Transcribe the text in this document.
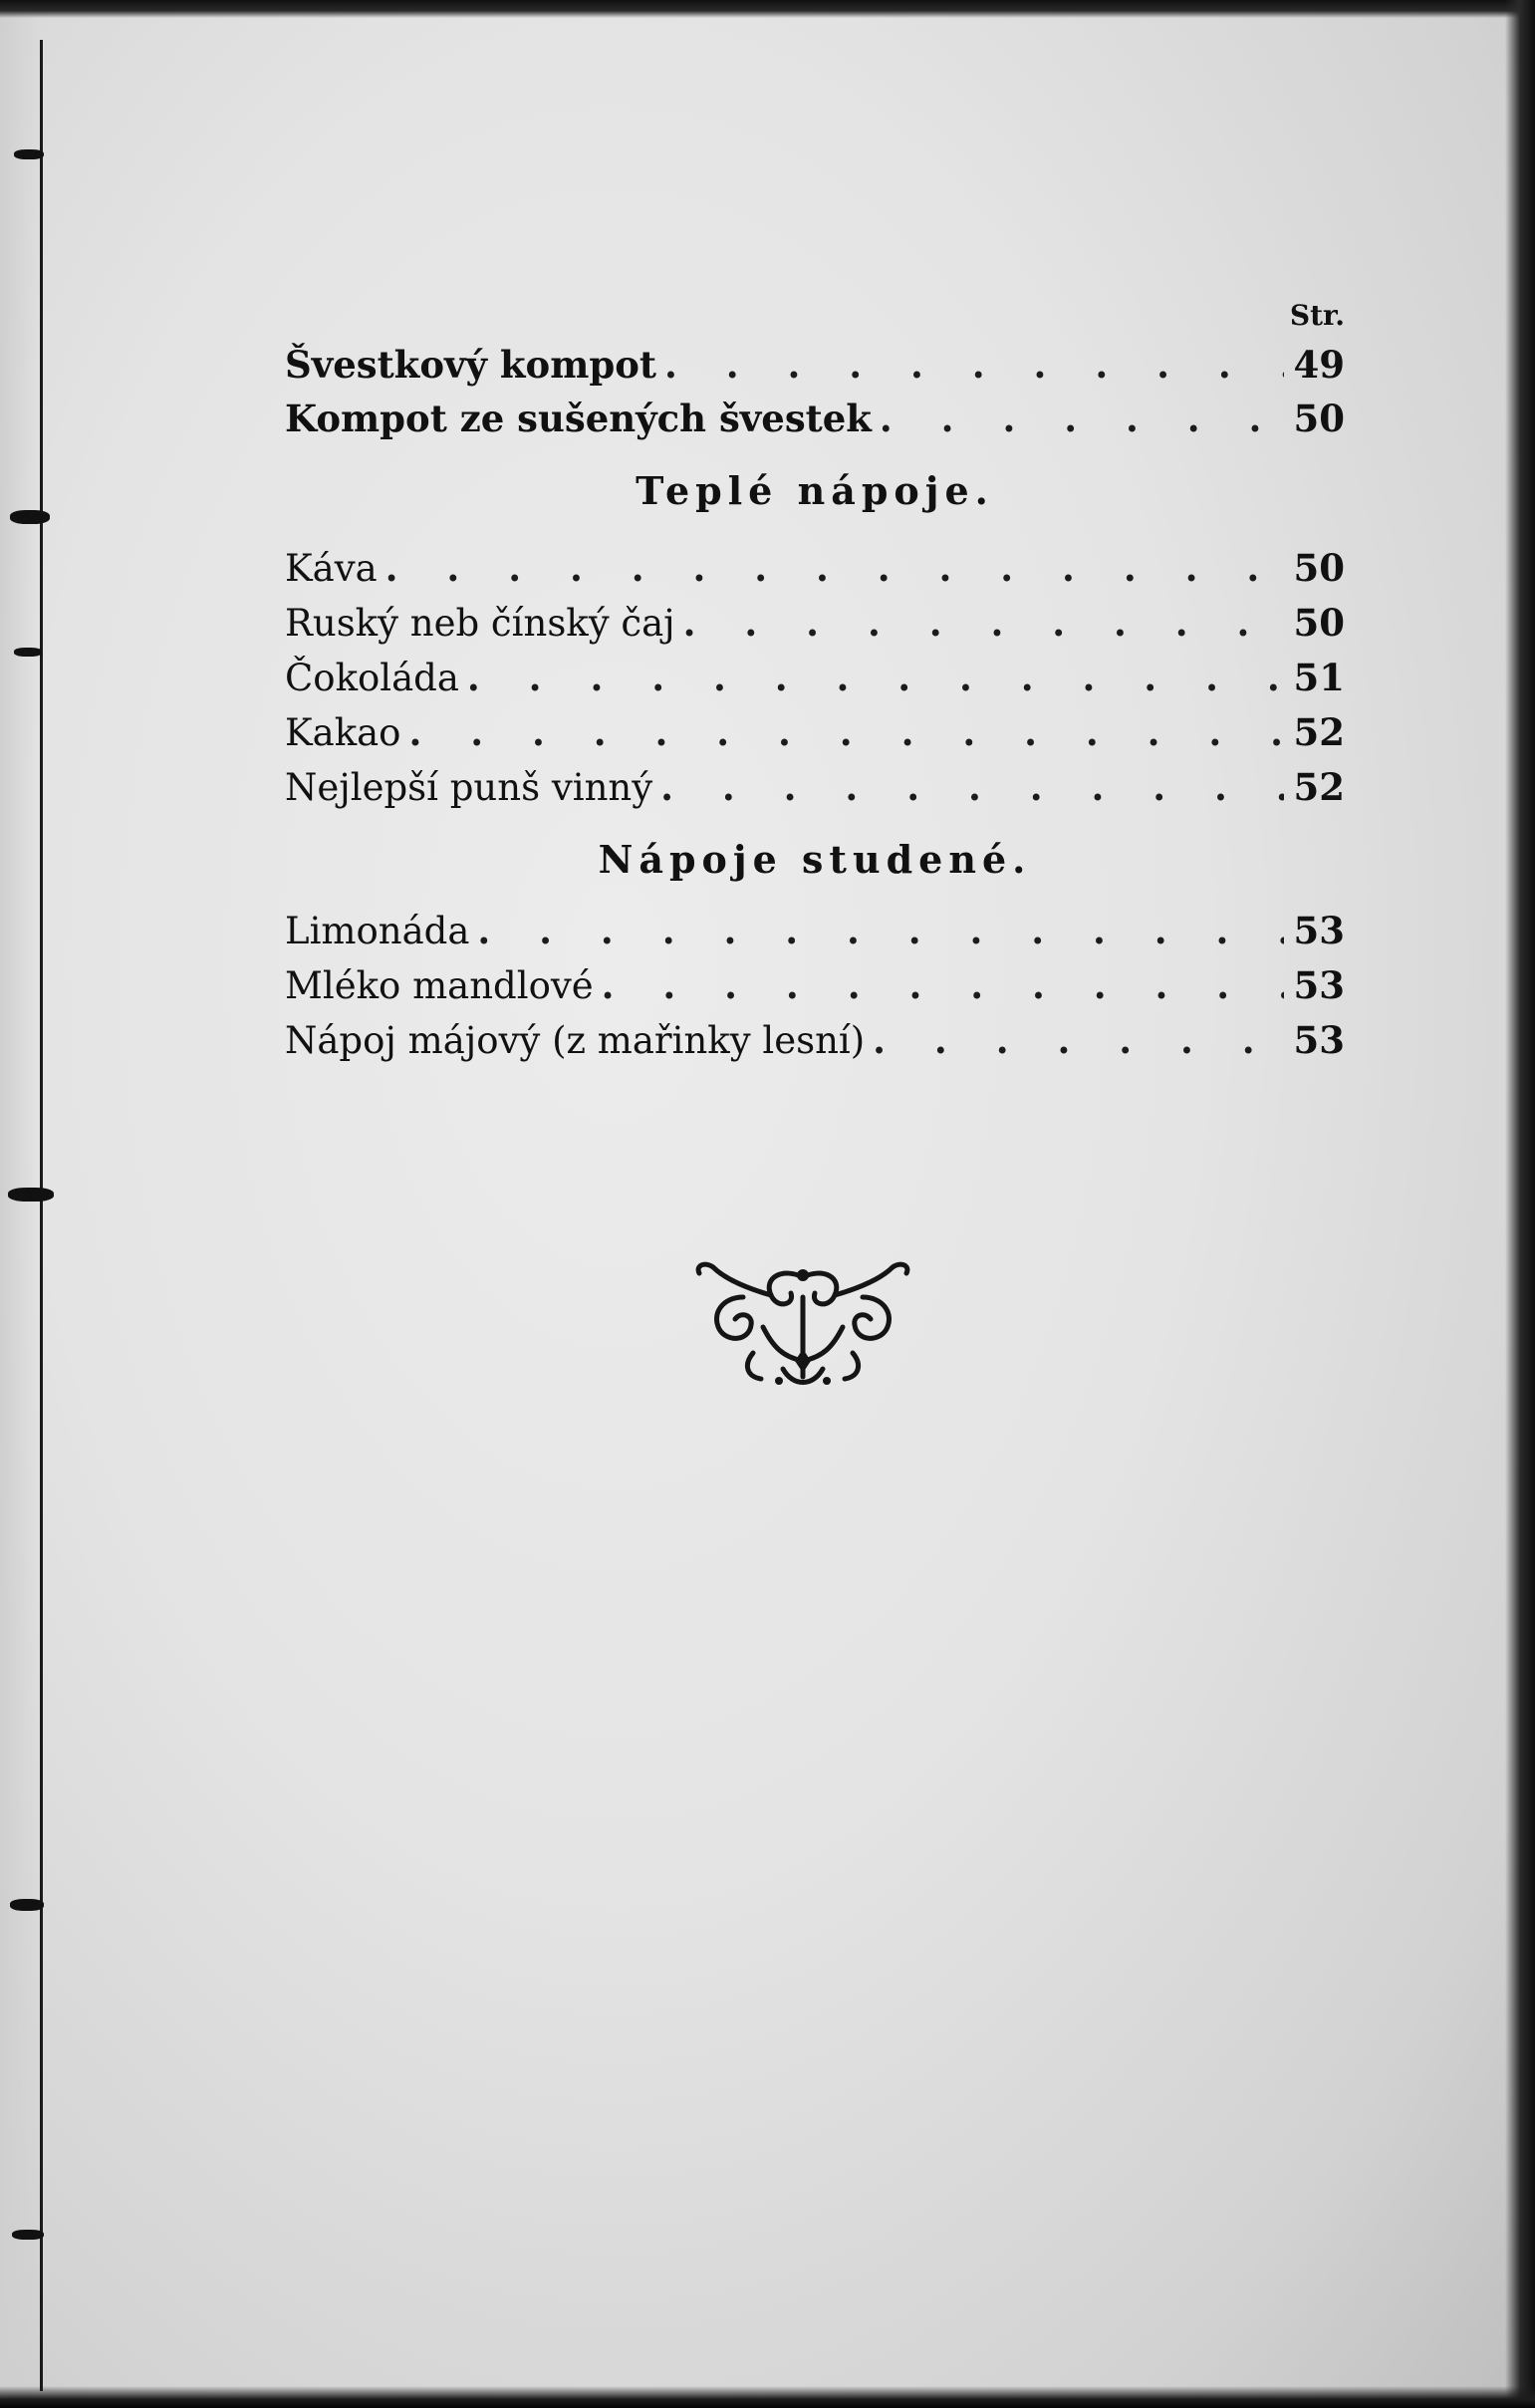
Str.
Švestkový kompot . . .	49
Kompot ze sušených švestek . . .	50
Teplé nápoje.
Káva . . .	50
Ruský neb čínský čaj . . .	50
Čokoláda . . .	51
Kakao . . .	52
Nejlepší punš vinný . . .	52
Nápoje studené.
Limonáda . . .	53
Mléko mandlové . . .	53
Nápoj májový (z mařinky lesní) . . .	53
